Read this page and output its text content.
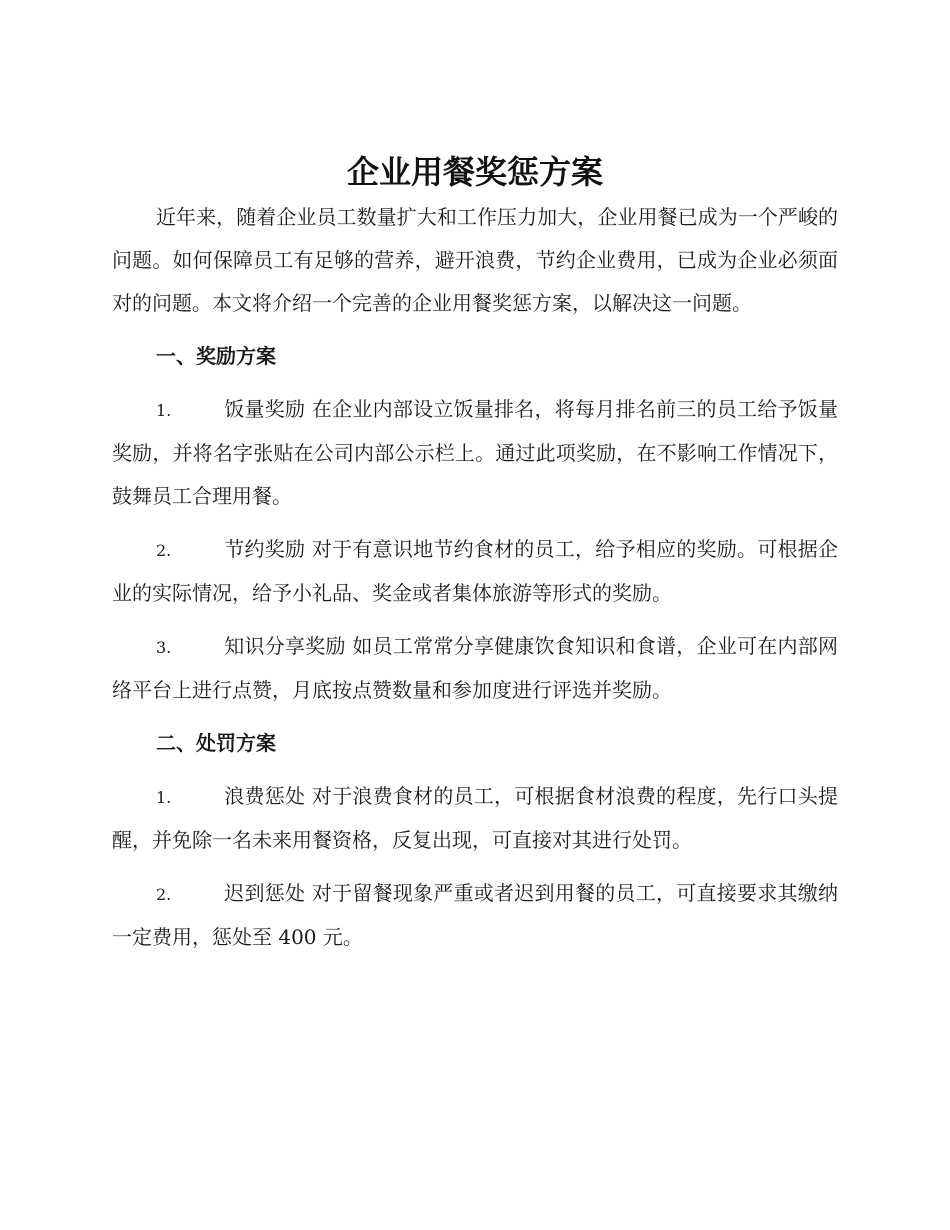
企业用餐奖惩方案

近年来，随着企业员工数量扩大和工作压力加大，企业用餐已成为一个严峻的问题。如何保障员工有足够的营养，避开浪费，节约企业费用，已成为企业必须面对的问题。本文将介绍一个完善的企业用餐奖惩方案，以解决这一问题。

一、奖励方案

1.	饭量奖励 在企业内部设立饭量排名，将每月排名前三的员工给予饭量奖励，并将名字张贴在公司内部公示栏上。通过此项奖励，在不影响工作情况下，鼓舞员工合理用餐。

2.	节约奖励 对于有意识地节约食材的员工，给予相应的奖励。可根据企业的实际情况，给予小礼品、奖金或者集体旅游等形式的奖励。

3.	知识分享奖励 如员工常常分享健康饮食知识和食谱，企业可在内部网络平台上进行点赞，月底按点赞数量和参加度进行评选并奖励。

二、处罚方案

1.	浪费惩处 对于浪费食材的员工，可根据食材浪费的程度，先行口头提醒，并免除一名未来用餐资格，反复出现，可直接对其进行处罚。

2.	迟到惩处 对于留餐现象严重或者迟到用餐的员工，可直接要求其缴纳一定费用，惩处至 400 元。
